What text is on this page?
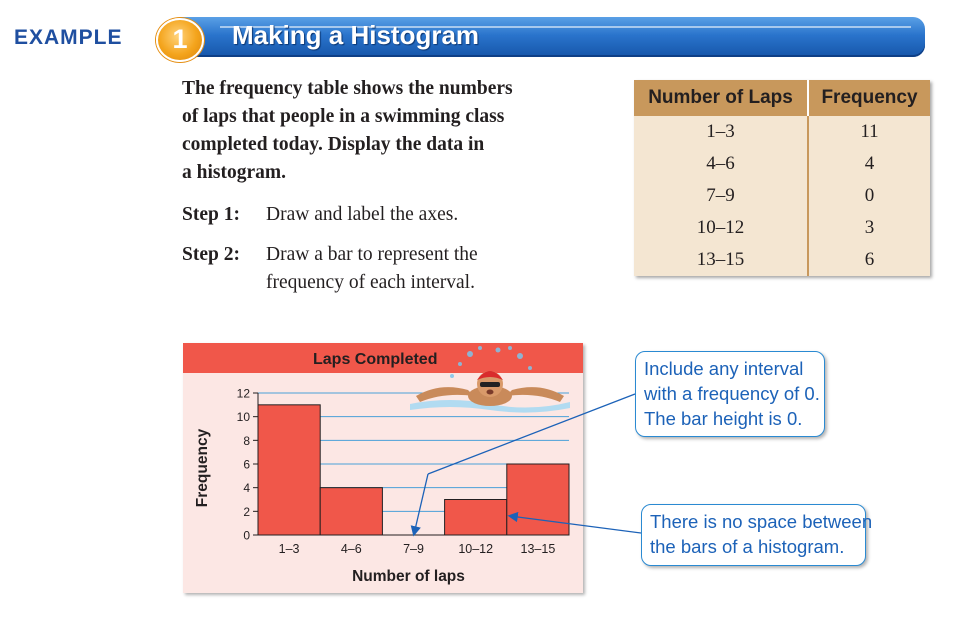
EXAMPLE	1	Making a Histogram
The frequency table shows the numbers
of laps that people in a swimming class
completed today. Display the data in
a histogram.
Step 1: Draw and label the axes.
Step 2: Draw a bar to represent the
frequency of each interval.
Number of Laps	Frequency
1–3	11
4–6	4
7–9	0
10–12	3
13–15	6
Laps Completed
0
2
4
6
8
10
12
1–3	4–6	7–9	10–12 13–15
Number of laps
Frequency
Include any interval
with a frequency of 0.
The bar height is 0.
There is no space between
the bars of a histogram.
